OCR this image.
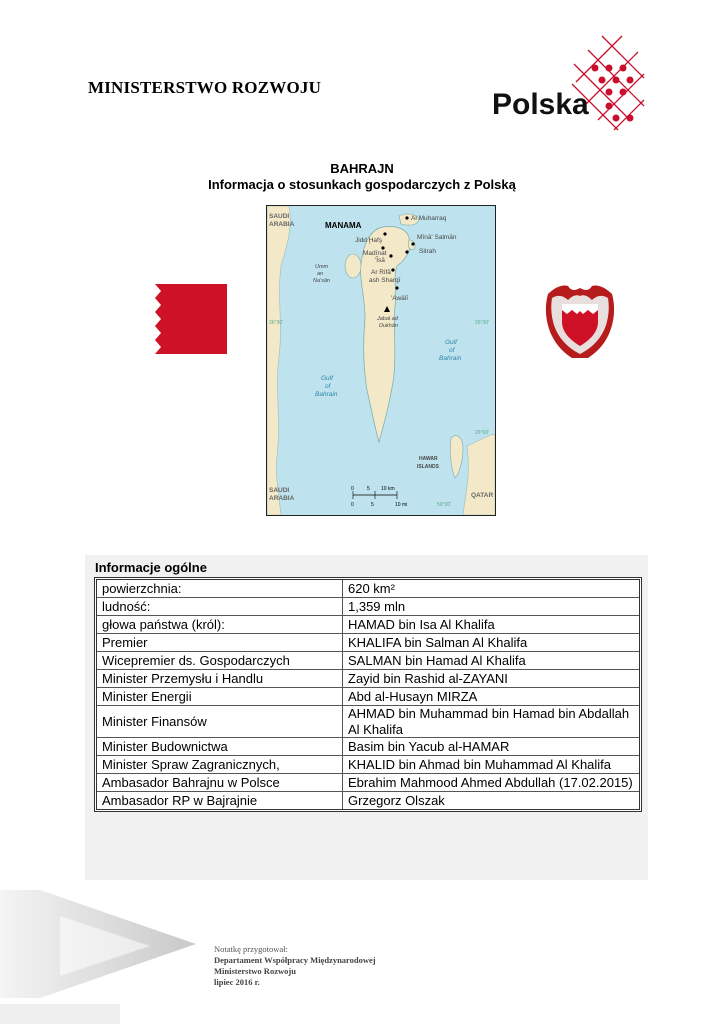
MINISTERSTWO ROZWOJU
Polska
BAHRAJN
Informacja o stosunkach gospodarczych z Polską
SAUDI
ARABIA	MANAMA
Al Muharraq
Mīnā' Salmān
Sitrah
Jidd Ḩafş
Madīnat
'Īsā
Ar Rifā'
ash Sharqī
Umm
an
Na'sān
'Awālī
Jabal ad
Dukhān
Gulf
of
Bahrain
Gulf
of
Bahrain
HAWAR
ISLANDS
SAUDI
ARABIA	QATAR
26°30'	26°30'
26°00'
50°30'
0	5 10 km
0	5	10 mi
Informacje ogólne
powierzchnia:	620 km²
ludność:	1,359 mln
głowa państwa (król):	HAMAD bin Isa Al Khalifa
Premier	KHALIFA bin Salman Al Khalifa
Wicepremier ds. Gospodarczych	SALMAN bin Hamad Al Khalifa
Minister Przemysłu i Handlu	Zayid bin Rashid al-ZAYANI
Minister Energii	Abd al-Husayn MIRZA
Minister Finansów	AHMAD bin Muhammad bin Hamad bin Abdallah Al Khalifa
Minister Budownictwa	Basim bin Yacub al-HAMAR
Minister Spraw Zagranicznych,	KHALID bin Ahmad bin Muhammad Al Khalifa
Ambasador Bahrajnu w Polsce	Ebrahim Mahmood Ahmed Abdullah (17.02.2015)
Ambasador RP w Bajrajnie	Grzegorz Olszak
Notatkę przygotował:
Departament Współpracy Międzynarodowej
Ministerstwo Rozwoju
lipiec 2016 r.
